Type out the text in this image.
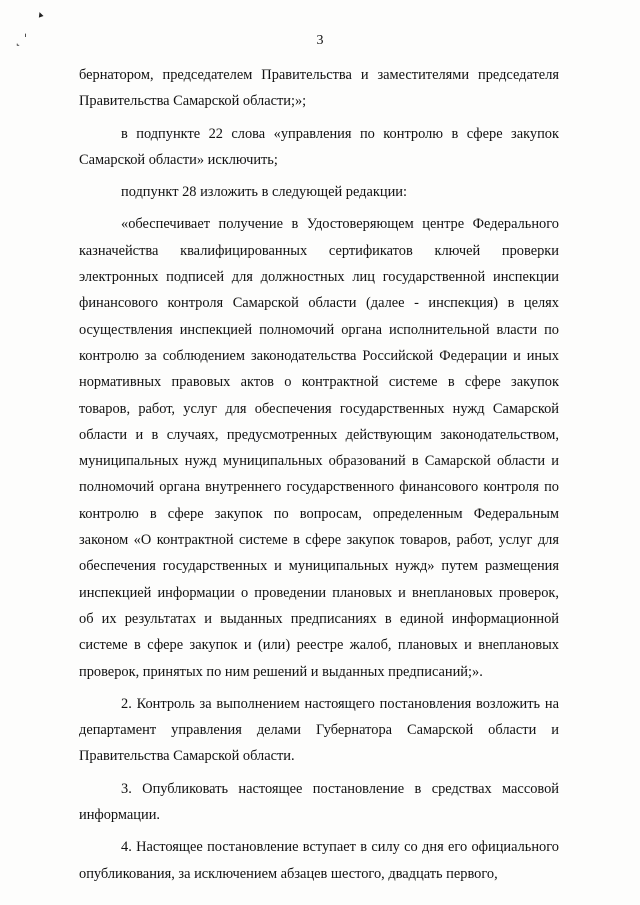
▴
˻ ˈ	3

бернатором, председателем Правительства и заместителями председателя Правительства Самарской области;»;

в подпункте 22 слова «управления по контролю в сфере закупок Самарской области» исключить;

подпункт 28 изложить в следующей редакции:

«обеспечивает получение в Удостоверяющем центре Федерального казначейства квалифицированных сертификатов ключей проверки электронных подписей для должностных лиц государственной инспекции финансового контроля Самарской области (далее - инспекция) в целях осуществления инспекцией полномочий органа исполнительной власти по контролю за соблюдением законодательства Российской Федерации и иных нормативных правовых актов о контрактной системе в сфере закупок товаров, работ, услуг для обеспечения государственных нужд Самарской области и в случаях, предусмотренных действующим законодательством, муниципальных нужд муниципальных образований в Самарской области и полномочий органа внутреннего государственного финансового контроля по контролю в сфере закупок по вопросам, определенным Федеральным законом «О контрактной системе в сфере закупок товаров, работ, услуг для обеспечения государственных и муниципальных нужд» путем размещения инспекцией информации о проведении плановых и внеплановых проверок, об их результатах и выданных предписаниях в единой информационной системе в сфере закупок и (или) реестре жалоб, плановых и внеплановых проверок, принятых по ним решений и выданных предписаний;».

2. Контроль за выполнением настоящего постановления возложить на департамент управления делами Губернатора Самарской области и Правительства Самарской области.

3. Опубликовать настоящее постановление в средствах массовой информации.

4. Настоящее постановление вступает в силу со дня его официального опубликования, за исключением абзацев шестого, двадцать первого,
